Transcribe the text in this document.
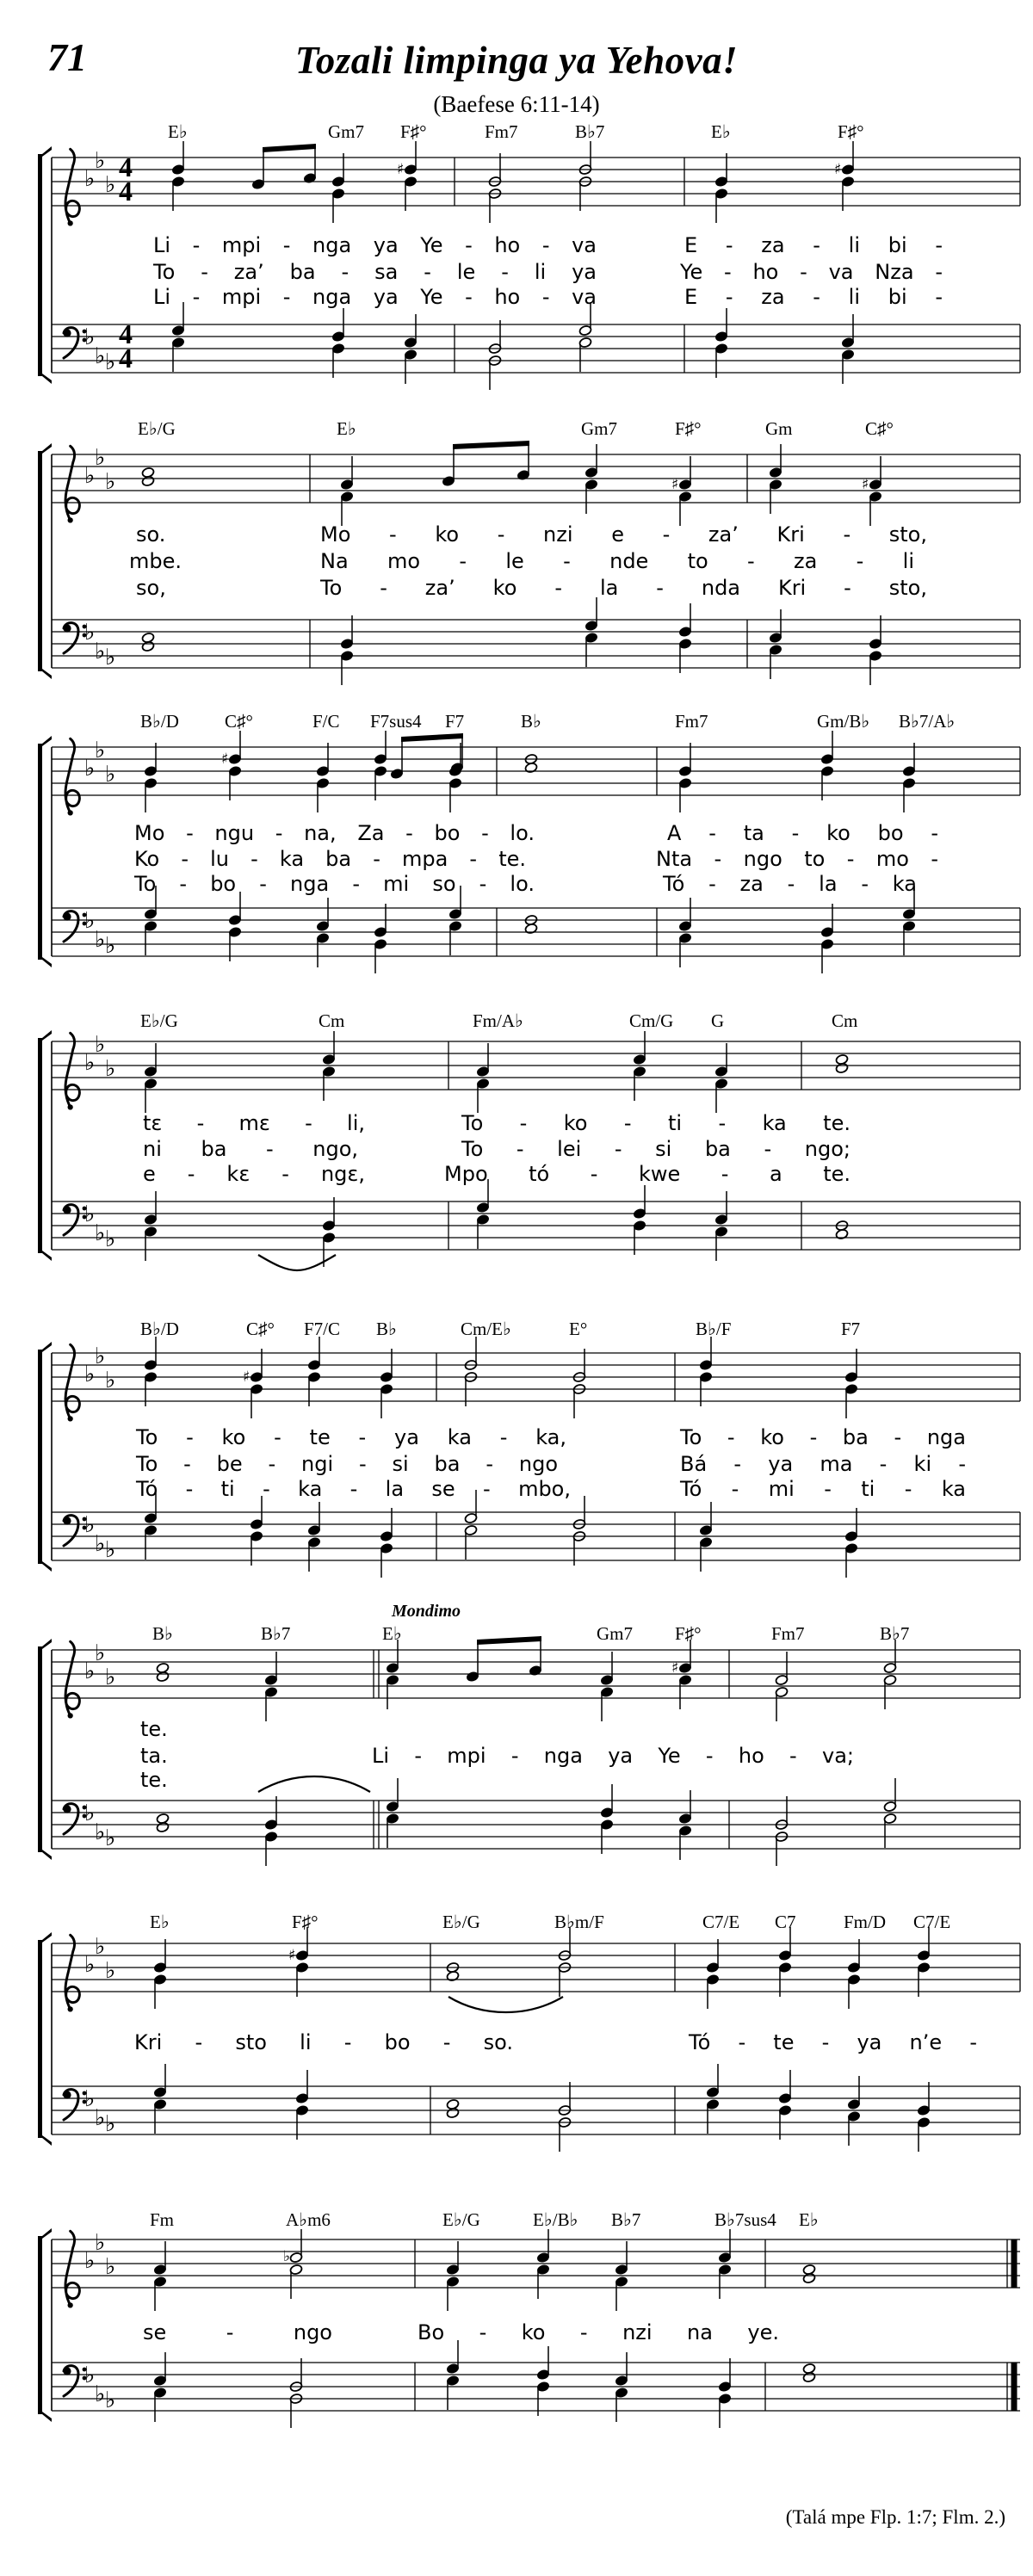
♭
♭
♭
♭
♭ ♭
4
4
4
4
♯	♯
♭
♭
♭
♭
♭ ♭
♯	♯
♭
♭
♭
♭
♭ ♭
♯
♭
♭
♭
♭
♭ ♭
♭
♭
♭
♭
♭ ♭
♯
♭
♭
♭
♭
♭ ♭
♯
♭
♭
♭
♭
♭ ♭
♯
♭
♭
♭
♭
♭ ♭
♭
71	Tozali limpinga ya Yehova!
(Baefese 6:11-14)
E♭	Gm7 F♯°	Fm7	B♭7	E♭	F♯°
Li - mpi - nga ya Ye - ho - va	E - za - li bi -
To - za’ ba - sa - le - li ya	Ye - ho - va Nza -
Li - mpi - nga ya Ye - ho - va	E - za - li bi -
E♭/G	E♭	Gm7	F♯°	Gm	C♯°
so.	Mo - ko - nzi e - za’ Kri - sto,
mbe.	Na mo - le - nde to - za - li
so,	To - za’ ko - la - nda Kri - sto,
B♭/D	C♯°	F/C F7sus4 F7	B♭	Fm7	Gm/B♭ B♭7/A♭
Mo - ngu - na, Za - bo - lo.	A - ta - ko bo -
Ko - lu - ka ba - mpa - te.	Nta - ngo to - mo -
To - bo - nga - mi so - lo.	Tó - za - la - ka
E♭/G	Cm	Fm/A♭	Cm/G G	Cm
tɛ - mɛ - li,	To - ko - ti - ka te.
ni ba - ngo,	To - lei - si ba - ngo;
e - kɛ - ngɛ,	Mpo tó - kwe - a te.
B♭/D	C♯° F7/C B♭	Cm/E♭	E°	B♭/F	F7
To - ko - te - ya ka - ka,	To - ko - ba - nga
To - be - ngi - si ba - ngo	Bá - ya ma - ki -
Tó - ti - ka - la se - mbo,	Tó - mi - ti - ka
B♭	B♭7	E♭	Gm7 F♯°	Fm7	B♭7
Mondimo
te.
ta.	Li - mpi - nga ya Ye - ho - va;
te.
E♭	F♯°	E♭/G	B♭m/F	C7/E C7	Fm/D C7/E
Kri - sto li - bo - so.	Tó - te - ya n’e -
Fm	A♭m6	E♭/G	E♭/B♭ B♭7	B♭7sus4 E♭
se - ngo	Bo - ko - nzi na ye.
(Talá mpe Flp. 1:7; Flm. 2.)
